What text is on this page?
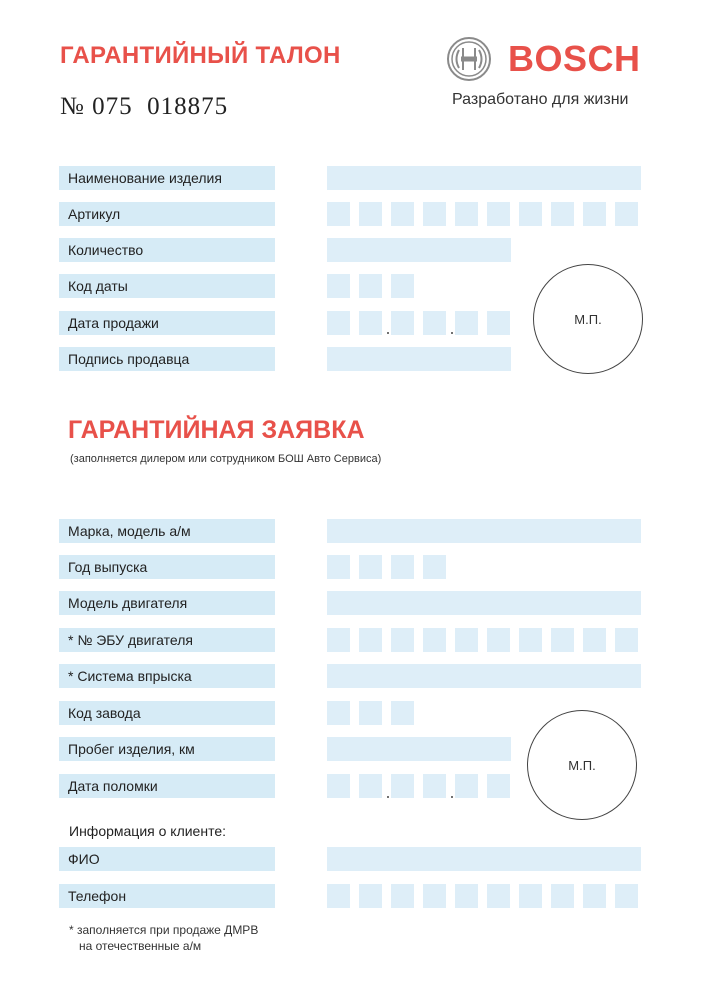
ГАРАНТИЙНЫЙ ТАЛОН
№ 075  018875
BOSCH
Разработано для жизни
Наименование изделия
Артикул
Количество
Код даты
Дата продажи
Подпись продавца
М.П.
ГАРАНТИЙНАЯ ЗАЯВКА
(заполняется дилером или сотрудником БОШ Авто Сервиса)
Марка, модель а/м
Год выпуска
Модель двигателя
* № ЭБУ двигателя
* Система впрыска
Код завода
Пробег изделия, км
Дата поломки
М.П.
Информация о клиенте:
ФИО
Телефон
* заполняется при продаже ДМРВ
на отечественные а/м
